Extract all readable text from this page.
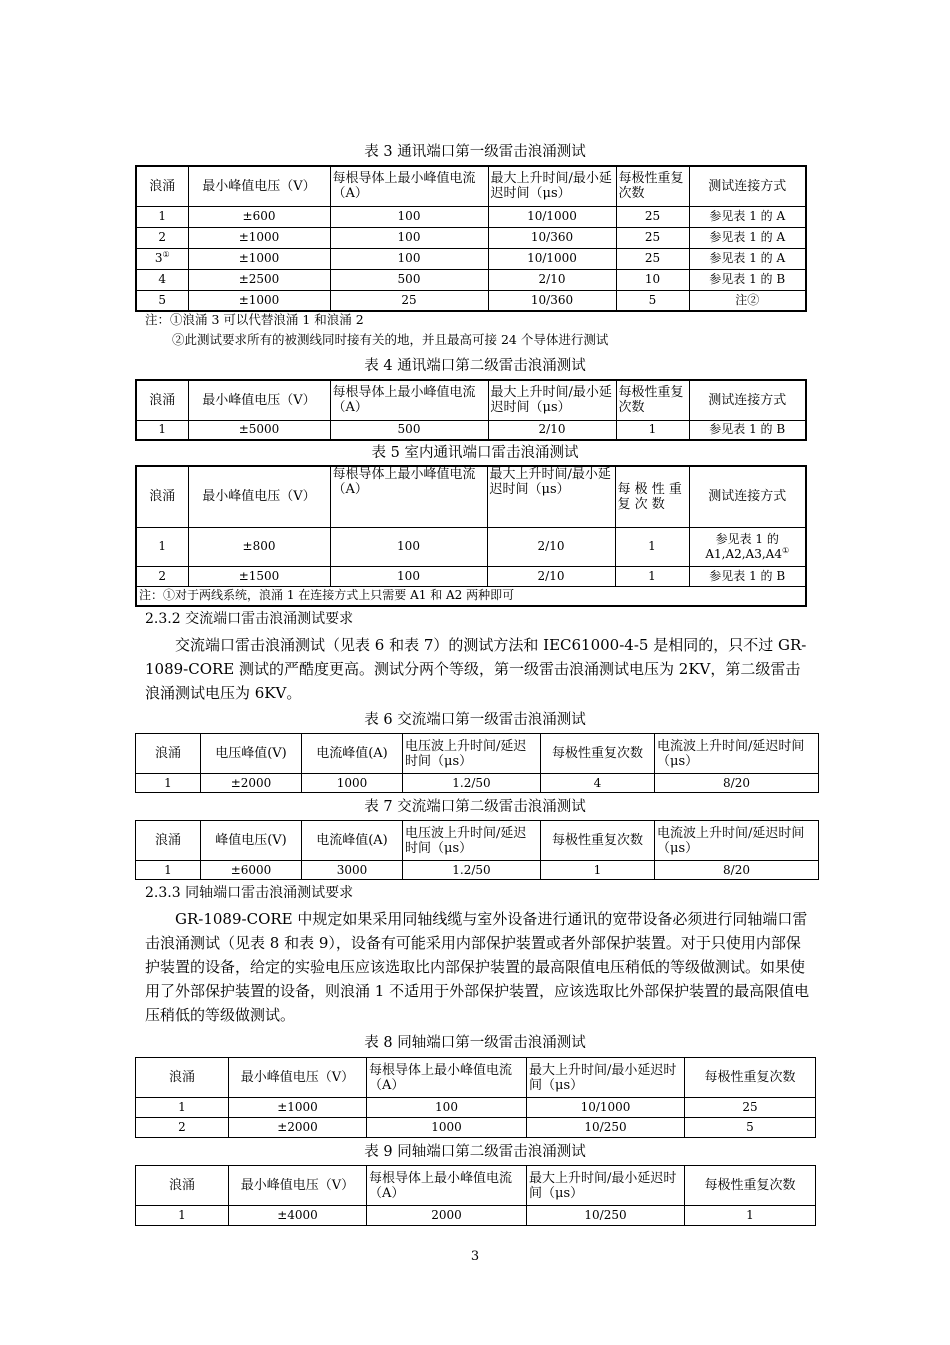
表 3 通讯端口第一级雷击浪涌测试
浪涌	最小峰值电压（V）	每根导体上最小峰值电流（A）	最大上升时间/最小延迟时间（μs）	每极性重复次数	测试连接方式
1	±600	100	10/1000	25	参见表 1 的 A
2	±1000	100	10/360	25	参见表 1 的 A
3①	±1000	100	10/1000	25	参见表 1 的 A
4	±2500	500	2/10	10	参见表 1 的 B
5	±1000	25	10/360	5	注②
注：①浪涌 3 可以代替浪涌 1 和浪涌 2
②此测试要求所有的被测线同时接有关的地，并且最高可接 24 个导体进行测试
表 4 通讯端口第二级雷击浪涌测试
浪涌	最小峰值电压（V）	每根导体上最小峰值电流（A）	最大上升时间/最小延迟时间（μs）	每极性重复次数	测试连接方式
1	±5000	500	2/10	1	参见表 1 的 B
表 5 室内通讯端口雷击浪涌测试
浪涌	最小峰值电压（V）	每根导体上最小峰值电流（A）	最大上升时间/最小延迟时间（μs）	每 极 性 重 复 次 数	测试连接方式
1	±800	100	2/10	1	参见表 1 的 A1,A2,A3,A4①
2	±1500	100	2/10	1	参见表 1 的 B
注：①对于两线系统，浪涌 1 在连接方式上只需要 A1 和 A2 两种即可					
2.3.2 交流端口雷击浪涌测试要求

交流端口雷击浪涌测试（见表 6 和表 7）的测试方法和 IEC61000-4-5 是相同的，只不过 GR-1089-CORE 测试的严酷度更高。测试分两个等级，第一级雷击浪涌测试电压为 2KV，第二级雷击浪涌测试电压为 6KV。

表 6 交流端口第一级雷击浪涌测试
浪涌	电压峰值(V)	电流峰值(A)	电压波上升时间/延迟时间（μs）	每极性重复次数	电流波上升时间/延迟时间（μs）
1	±2000	1000	1.2/50	4	8/20
表 7 交流端口第二级雷击浪涌测试
浪涌	峰值电压(V)	电流峰值(A)	电压波上升时间/延迟时间（μs）	每极性重复次数	电流波上升时间/延迟时间（μs）
1	±6000	3000	1.2/50	1	8/20
2.3.3 同轴端口雷击浪涌测试要求

GR-1089-CORE 中规定如果采用同轴线缆与室外设备进行通讯的宽带设备必须进行同轴端口雷击浪涌测试（见表 8 和表 9），设备有可能采用内部保护装置或者外部保护装置。对于只使用内部保护装置的设备，给定的实验电压应该选取比内部保护装置的最高限值电压稍低的等级做测试。如果使用了外部保护装置的设备，则浪涌 1 不适用于外部保护装置，应该选取比外部保护装置的最高限值电压稍低的等级做测试。

表 8 同轴端口第一级雷击浪涌测试
浪涌	最小峰值电压（V）	每根导体上最小峰值电流（A）	最大上升时间/最小延迟时间（μs）	每极性重复次数
1	±1000	100	10/1000	25
2	±2000	1000	10/250	5
表 9 同轴端口第二级雷击浪涌测试
浪涌	最小峰值电压（V）	每根导体上最小峰值电流（A）	最大上升时间/最小延迟时间（μs）	每极性重复次数
1	±4000	2000	10/250	1
3
